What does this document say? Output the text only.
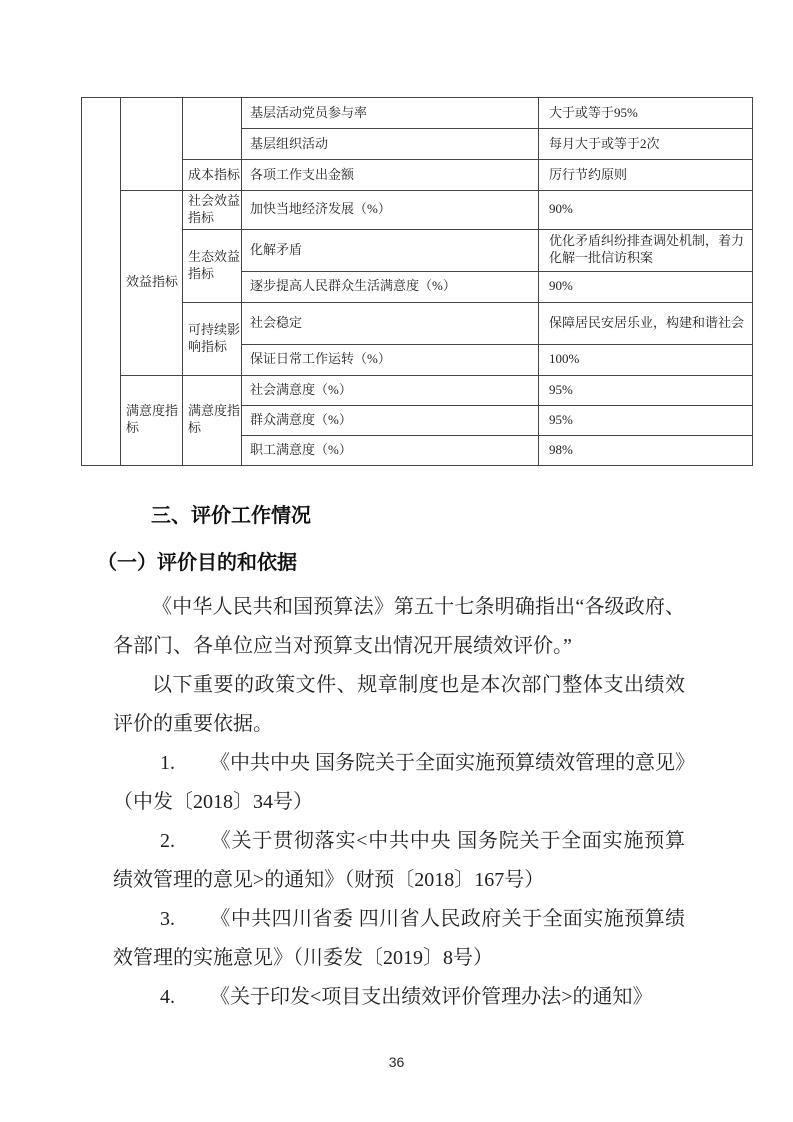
			基层活动党员参与率	大于或等于95%
			基层组织活动	每月大于或等于2次
		成本指标	各项工作支出金额	厉行节约原则
	效益指标	社会效益指标	加快当地经济发展（%）	90%
		生态效益指标	化解矛盾	优化矛盾纠纷排查调处机制，着力化解一批信访积案
			逐步提高人民群众生活满意度（%）	90%
		可持续影响指标	社会稳定	保障居民安居乐业，构建和谐社会
			保证日常工作运转（%）	100%
	满意度指标	满意度指标	社会满意度（%）	95%
			群众满意度（%）	95%
			职工满意度（%）	98%
三、评价工作情况
（一）评价目的和依据

《中华人民共和国预算法》第五十七条明确指出“各级政府、各部门、各单位应当对预算支出情况开展绩效评价。”

以下重要的政策文件、规章制度也是本次部门整体支出绩效评价的重要依据。

1. 《中共中央 国务院关于全面实施预算绩效管理的意见》（中发〔2018〕34号）

2. 《关于贯彻落实<中共中央 国务院关于全面实施预算绩效管理的意见>的通知》（财预〔2018〕167号）

3. 《中共四川省委 四川省人民政府关于全面实施预算绩效管理的实施意见》（川委发〔2019〕8号）

4. 《关于印发<项目支出绩效评价管理办法>的通知》

36
